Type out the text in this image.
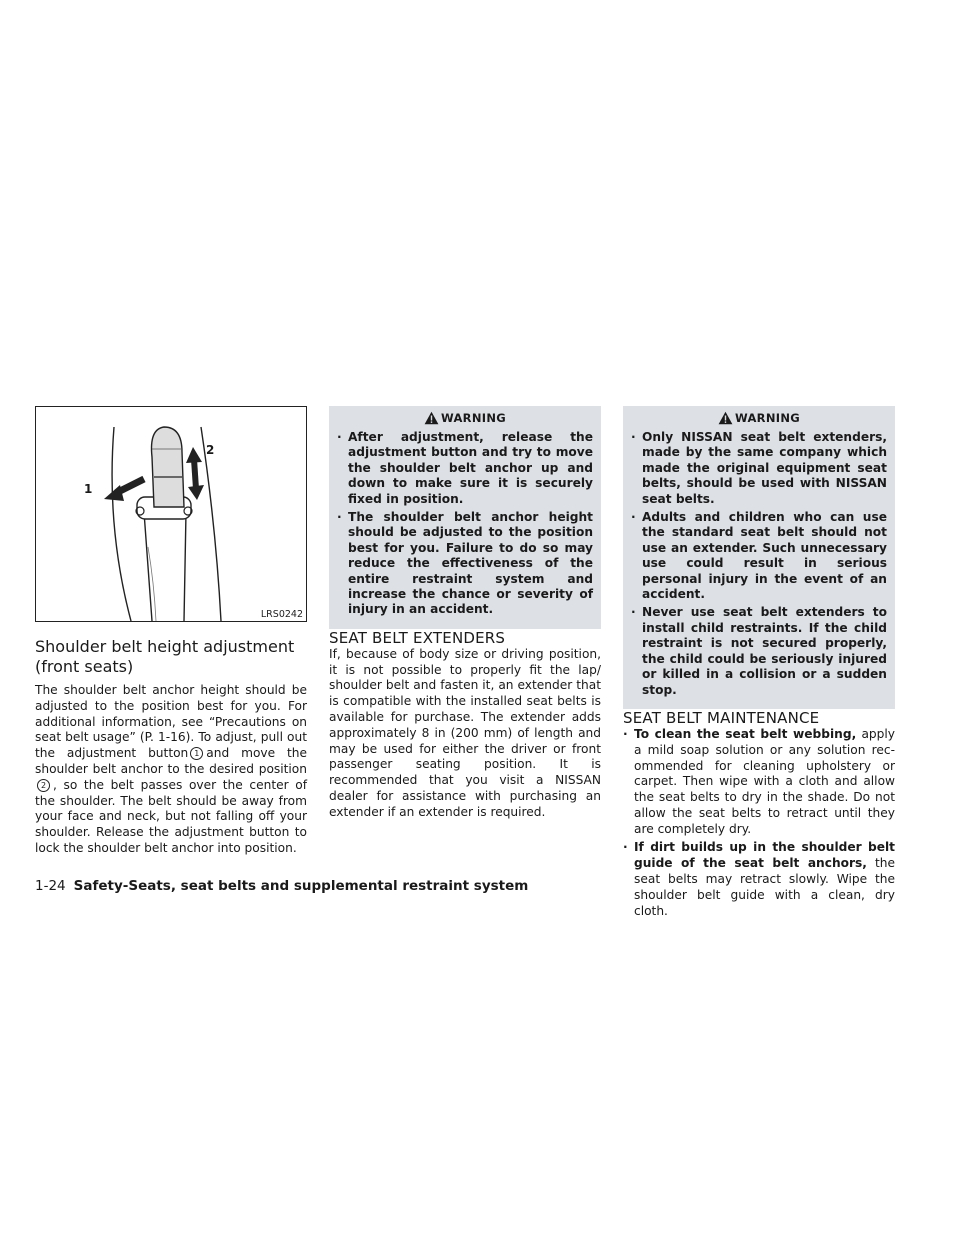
1
2
LRS0242
Shoulder belt height adjustment
(front seats)

The shoulder belt anchor height should be adjusted to the position best for you. For additional information, see “Precautions on seat belt usage” (P. 1-16). To adjust, pull out the adjustment button 1 and move the shoulder belt anchor to the desired position2 , so the belt passes over the center of the shoulder. The belt should be away from your face and neck, but not falling off your shoulder. Release the adjustment button to lock the shoulder belt anchor into position.

WARNING
· After adjustment, release the adjustment button and try to move the shoulder belt anchor up and down to make sure it is securely fixed in position.
· The shoulder belt anchor height should be adjusted to the position best for you. Failure to do so may reduce the effectiveness of the entire restraint system and increase the chance or severity of injury in an accident.
SEAT BELT EXTENDERS

If, because of body size or driving position, it is not possible to properly fit the lap/ shoulder belt and fasten it, an extender that is compatible with the installed seat belts is available for purchase. The extender adds approximately 8 in (200 mm) of length and may be used for either the driver or front passenger seating position. It is recommended that you visit a NISSAN dealer for assistance with purchasing an extender if an extender is required.

WARNING
· Only NISSAN seat belt extenders, made by the same company which made the original equipment seat belts, should be used with NISSAN seat belts.
· Adults and children who can use the standard seat belt should not use an extender. Such unnecessary use could result in serious personal injury in the event of an accident.
· Never use seat belt extenders to install child restraints. If the child restraint is not secured properly, the child could be seriously injured or killed in a collision or a sudden stop.
SEAT BELT MAINTENANCE
· To clean the seat belt webbing, apply a mild soap solution or any solution recommended for cleaning upholstery or carpet. Then wipe with a cloth and allow the seat belts to dry in the shade. Do not allow the seat belts to retract until they are completely dry.
· If dirt builds up in the shoulder belt guide of the seat belt anchors, the seat belts may retract slowly. Wipe the shoulder belt guide with a clean, dry cloth.
1-24 Safety-Seats, seat belts and supplemental restraint system
